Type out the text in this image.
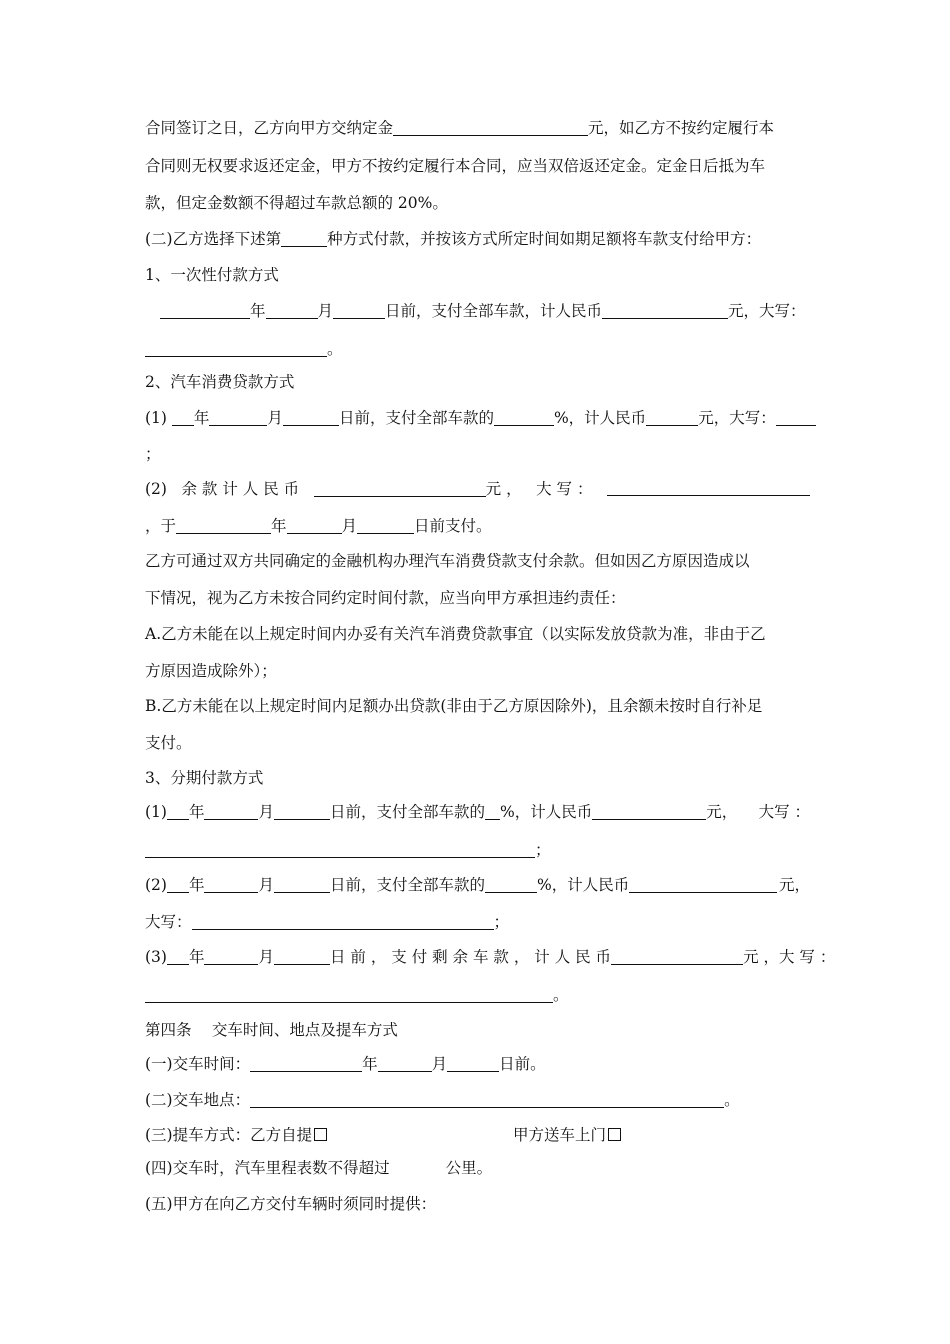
合同签订之日，乙方向甲方交纳定金	元，如乙方不按约定履行本
合同则无权要求返还定金，甲方不按约定履行本合同，应当双倍返还定金。定金日后抵为车
款，但定金数额不得超过车款总额的 20%。
(二)乙方选择下述第	种方式付款，并按该方式所定时间如期足额将车款支付给甲方：
1、一次性付款方式
年	月	日前，支付全部车款，计人民币	元，大写：
。
2、汽车消费贷款方式
(1) 年	月	日前，支付全部车款的	%，计人民币	元，大写：
；
(2) 余 款 计 人 民 币	元 ， 大 写 ：
，于	年	月	日前支付。
乙方可通过双方共同确定的金融机构办理汽车消费贷款支付余款。但如因乙方原因造成以
下情况，视为乙方未按合同约定时间付款，应当向甲方承担违约责任：
A.乙方未能在以上规定时间内办妥有关汽车消费贷款事宜（以实际发放贷款为准，非由于乙
方原因造成除外）；
B.乙方未能在以上规定时间内足额办出贷款(非由于乙方原因除外)，且余额未按时自行补足
支付。
3、分期付款方式
(1) 年	月	日前，支付全部车款的 %，计人民币	元， 大写 ：
；
(2) 年	月	日前，支付全部车款的	%，计人民币	元，
大写：	；
(3) 年	月	日 前 ， 支 付 剩 余 车 款 ， 计 人 民 币	元 ， 大 写 ：
。
第四条　 交车时间、地点及提车方式
(一)交车时间：	年	月	日前。
(二)交车地点：	。
(三)提车方式：乙方自提	甲方送车上门
(四)交车时，汽车里程表数不得超过	公里。
(五)甲方在向乙方交付车辆时须同时提供：
